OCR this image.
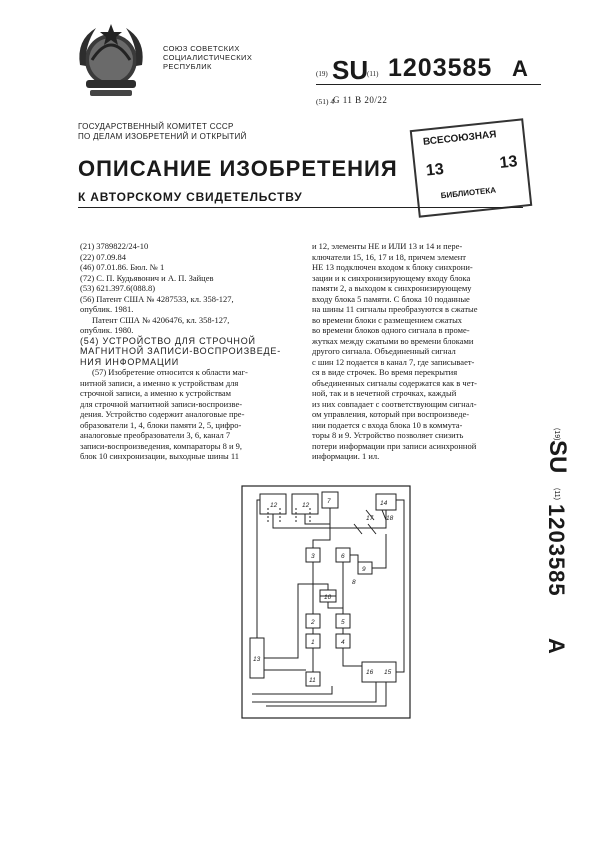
СОЮЗ СОВЕТСКИХ
СОЦИАЛИСТИЧЕСКИХ
РЕСПУБЛИК
(19) SU
(11) 1203585 A
(51) 4
G 11 B 20/22
ГОСУДАРСТВЕННЫЙ КОМИТЕТ СССР
ПО ДЕЛАМ ИЗОБРЕТЕНИЙ И ОТКРЫТИЙ	ВСЕСОЮЗНАЯ
13	13
БИБЛИОТЕКА
ОПИСАНИЕ ИЗОБРЕТЕНИЯ
К АВТОРСКОМУ СВИДЕТЕЛЬСТВУ
(21) 3789822/24-10
(22) 07.09.84
(46) 07.01.86. Бюл. № 1
(72) С. П. Кудьявонич и А. П. Зайцев
(53) 621.397.6(088.8)
(56) Патент США № 4287533, кл. 358-127,
опублик. 1981.
Патент США № 4206476, кл. 358-127,
опублик. 1980.
(54) УСТРОЙСТВО ДЛЯ СТРОЧНОЙ
МАГНИТНОЙ ЗАПИСИ-ВОСПРОИЗВЕДЕ-
НИЯ ИНФОРМАЦИИ
(57) Изобретение относится к области маг-
нитной записи, а именно к устройствам для
строчной записи, а именно к устройствам
для строчной магнитной записи-воспроизве-
дения. Устройство содержит аналоговые пре-
образователи 1, 4, блоки памяти 2, 5, цифро-
аналоговые преобразователи 3, 6, канал 7
записи-воспроизведения, компараторы 8 и 9,
блок 10 синхронизации, выходные шины 11
и 12, элементы НЕ и ИЛИ 13 и 14 и пере-
ключатели 15, 16, 17 и 18, причем элемент
НЕ 13 подключен входом к блоку синхрони-
зации и к синхронизирующему входу блока
памяти 2, а выходом к синхронизирующему
входу блока 5 памяти. С блока 10 поданные
на шины 11 сигналы преобразуются в сжатые
во времени блоки с размещением сжатых
во времени блоков одного сигнала в проме-
жутках между сжатыми во времени блоками
другого сигнала. Объединенный сигнал
с шин 12 подается в канал 7, где записывает-
ся в виде строчек. Во время перекрытия
объединенных сигналы содержатся как в чет-
ной, так и в нечетной строчках, каждый
из них совпадает с соответствующим сигнал-
ом управления, который при воспроизведе-
нии подается с входа блока 10 в коммута-
торы 8 и 9. Устройство позволяет снизить
потери информации при записи асинхронной
информации. 1 ил.
(19)
SU
(11)
1203585
A
12	12
7	14
3
2
1
11
6
5
4
10
9
8
13
16 15
17 18
